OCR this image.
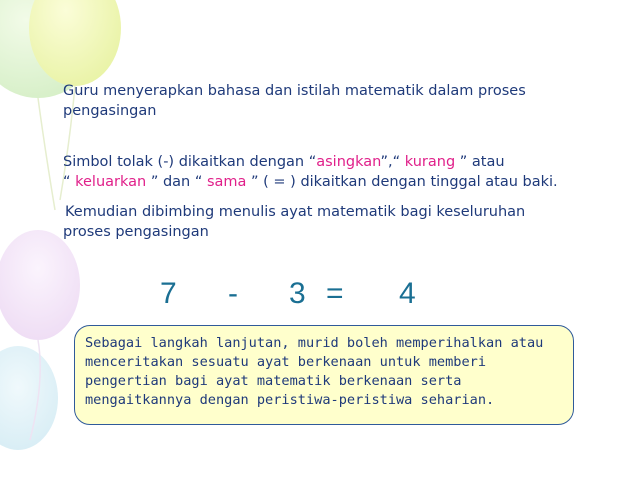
Guru menyerapkan bahasa dan istilah matematik dalam proses
pengasingan
Simbol tolak (-) dikaitkan dengan “asingkan”,“ kurang ” atau
“ keluarkan ” dan “ sama ” ( = ) dikaitkan dengan tinggal atau baki.
Kemudian dibimbing menulis ayat matematik bagi keseluruhan
proses pengasingan
7 - 3 = 4

Sebagai langkah lanjutan, murid boleh memperihalkan atau
menceritakan sesuatu ayat berkenaan untuk memberi
pengertian bagi ayat matematik berkenaan serta
mengaitkannya dengan peristiwa-peristiwa seharian.
